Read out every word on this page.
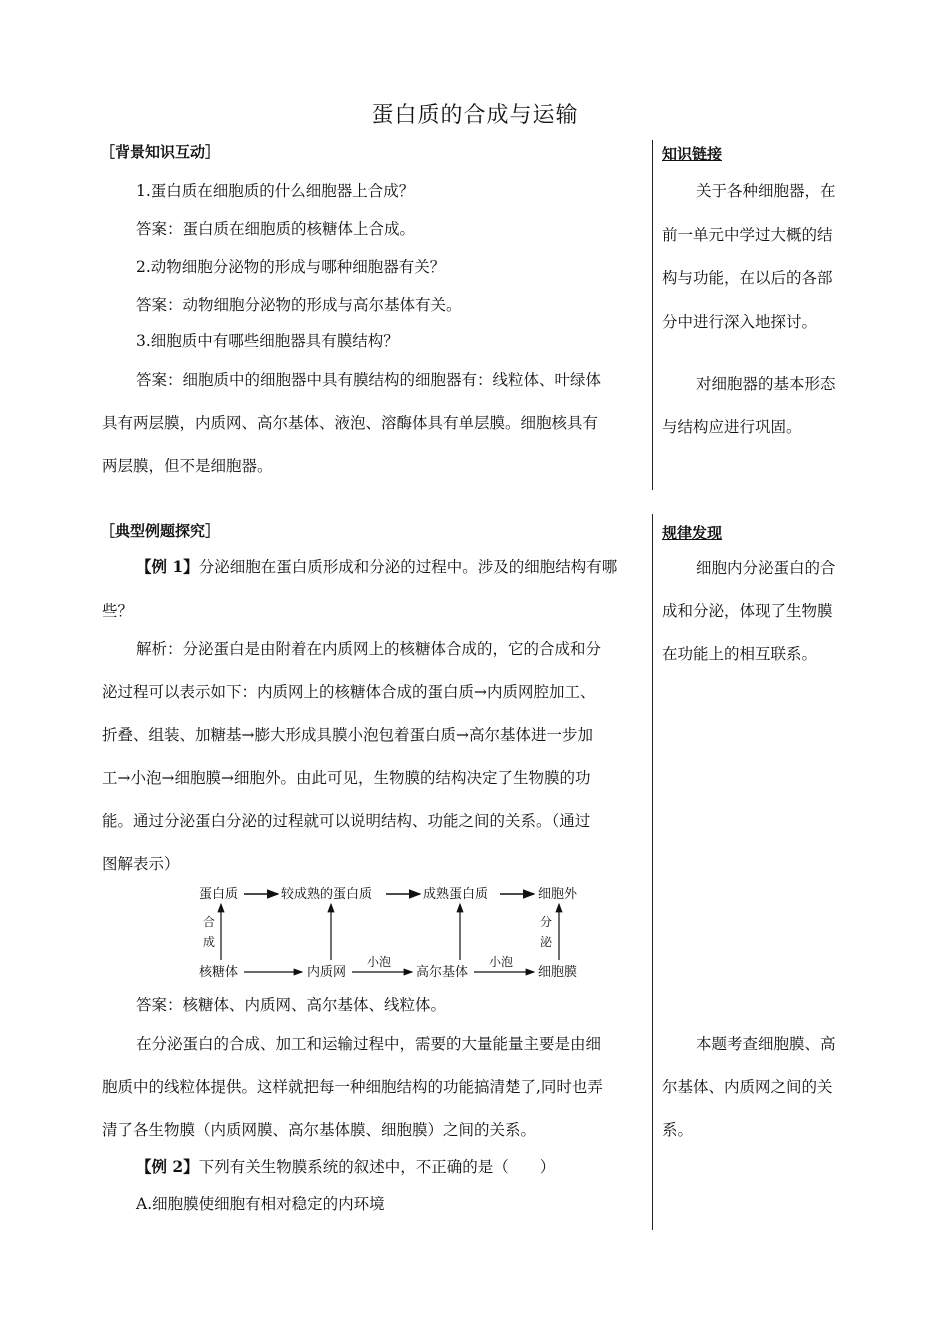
蛋白质的合成与运输
［背景知识互动］
1.蛋白质在细胞质的什么细胞器上合成？
答案：蛋白质在细胞质的核糖体上合成。
2.动物细胞分泌物的形成与哪种细胞器有关？
答案：动物细胞分泌物的形成与高尔基体有关。
3.细胞质中有哪些细胞器具有膜结构？
答案：细胞质中的细胞器中具有膜结构的细胞器有：线粒体、叶绿体
具有两层膜，内质网、高尔基体、液泡、溶酶体具有单层膜。细胞核具有
两层膜，但不是细胞器。
知识链接
关于各种细胞器，在
前一单元中学过大概的结
构与功能，在以后的各部
分中进行深入地探讨。
对细胞器的基本形态
与结构应进行巩固。
［典型例题探究］
【例 1】分泌细胞在蛋白质形成和分泌的过程中。涉及的细胞结构有哪
些？
解析：分泌蛋白是由附着在内质网上的核糖体合成的，它的合成和分
泌过程可以表示如下：内质网上的核糖体合成的蛋白质→内质网腔加工、
折叠、组装、加糖基→膨大形成具膜小泡包着蛋白质→高尔基体进一步加
工→小泡→细胞膜→细胞外。由此可见，生物膜的结构决定了生物膜的功
能。通过分泌蛋白分泌的过程就可以说明结构、功能之间的关系。（通过
图解表示）
蛋白质	较成熟的蛋白质	成熟蛋白质	细胞外
核糖体	内质网	高尔基体	细胞膜
小泡	小泡
合
成
分
泌
答案：核糖体、内质网、高尔基体、线粒体。
在分泌蛋白的合成、加工和运输过程中，需要的大量能量主要是由细
胞质中的线粒体提供。这样就把每一种细胞结构的功能搞清楚了,同时也弄
清了各生物膜（内质网膜、高尔基体膜、细胞膜）之间的关系。
【例 2】下列有关生物膜系统的叙述中，不正确的是（　　）
A.细胞膜使细胞有相对稳定的内环境
规律发现
细胞内分泌蛋白的合
成和分泌，体现了生物膜
在功能上的相互联系。
本题考查细胞膜、高
尔基体、内质网之间的关
系。
